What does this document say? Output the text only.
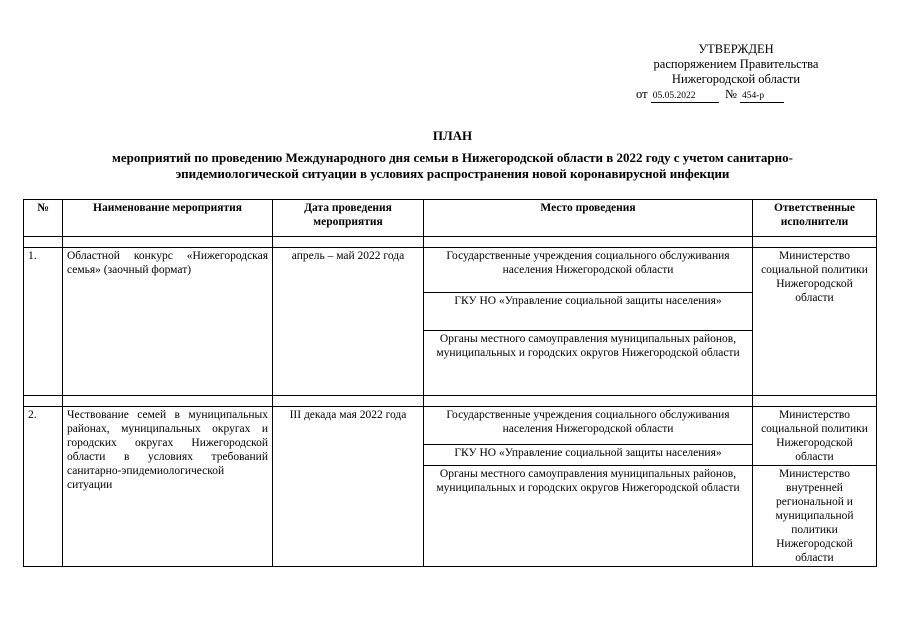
УТВЕРЖДЕН
распоряжением Правительства
Нижегородской области
от 05.05.2022 № 454-р
ПЛАН
мероприятий по проведению Международного дня семьи в Нижегородской области в 2022 году с учетом санитарно-эпидемиологической ситуации в условиях распространения новой коронавирусной инфекции
№	Наименование мероприятия	Дата проведения мероприятия	Место проведения	Ответственные исполнители

1.	Областной конкурс «Нижегородская семья» (заочный формат)	апрель – май 2022 года	Государственные учреждения социального обслуживания населения Нижегородской области	Министерство социальной политики Нижегородской области
			ГКУ НО «Управление социальной защиты населения»	
			Органы местного самоуправления муниципальных районов, муниципальных и городских округов Нижегородской области	

2.	Чествование семей в муниципальных районах, муниципальных округах и городских округах Нижегородской области в условиях требований санитарно-эпидемиологической ситуации	III декада мая 2022 года	Государственные учреждения социального обслуживания населения Нижегородской области	Министерство социальной политики Нижегородской области
			ГКУ НО «Управление социальной защиты населения»	
			Органы местного самоуправления муниципальных районов, муниципальных и городских округов Нижегородской области	Министерство внутренней региональной и муниципальной политики Нижегородской области
